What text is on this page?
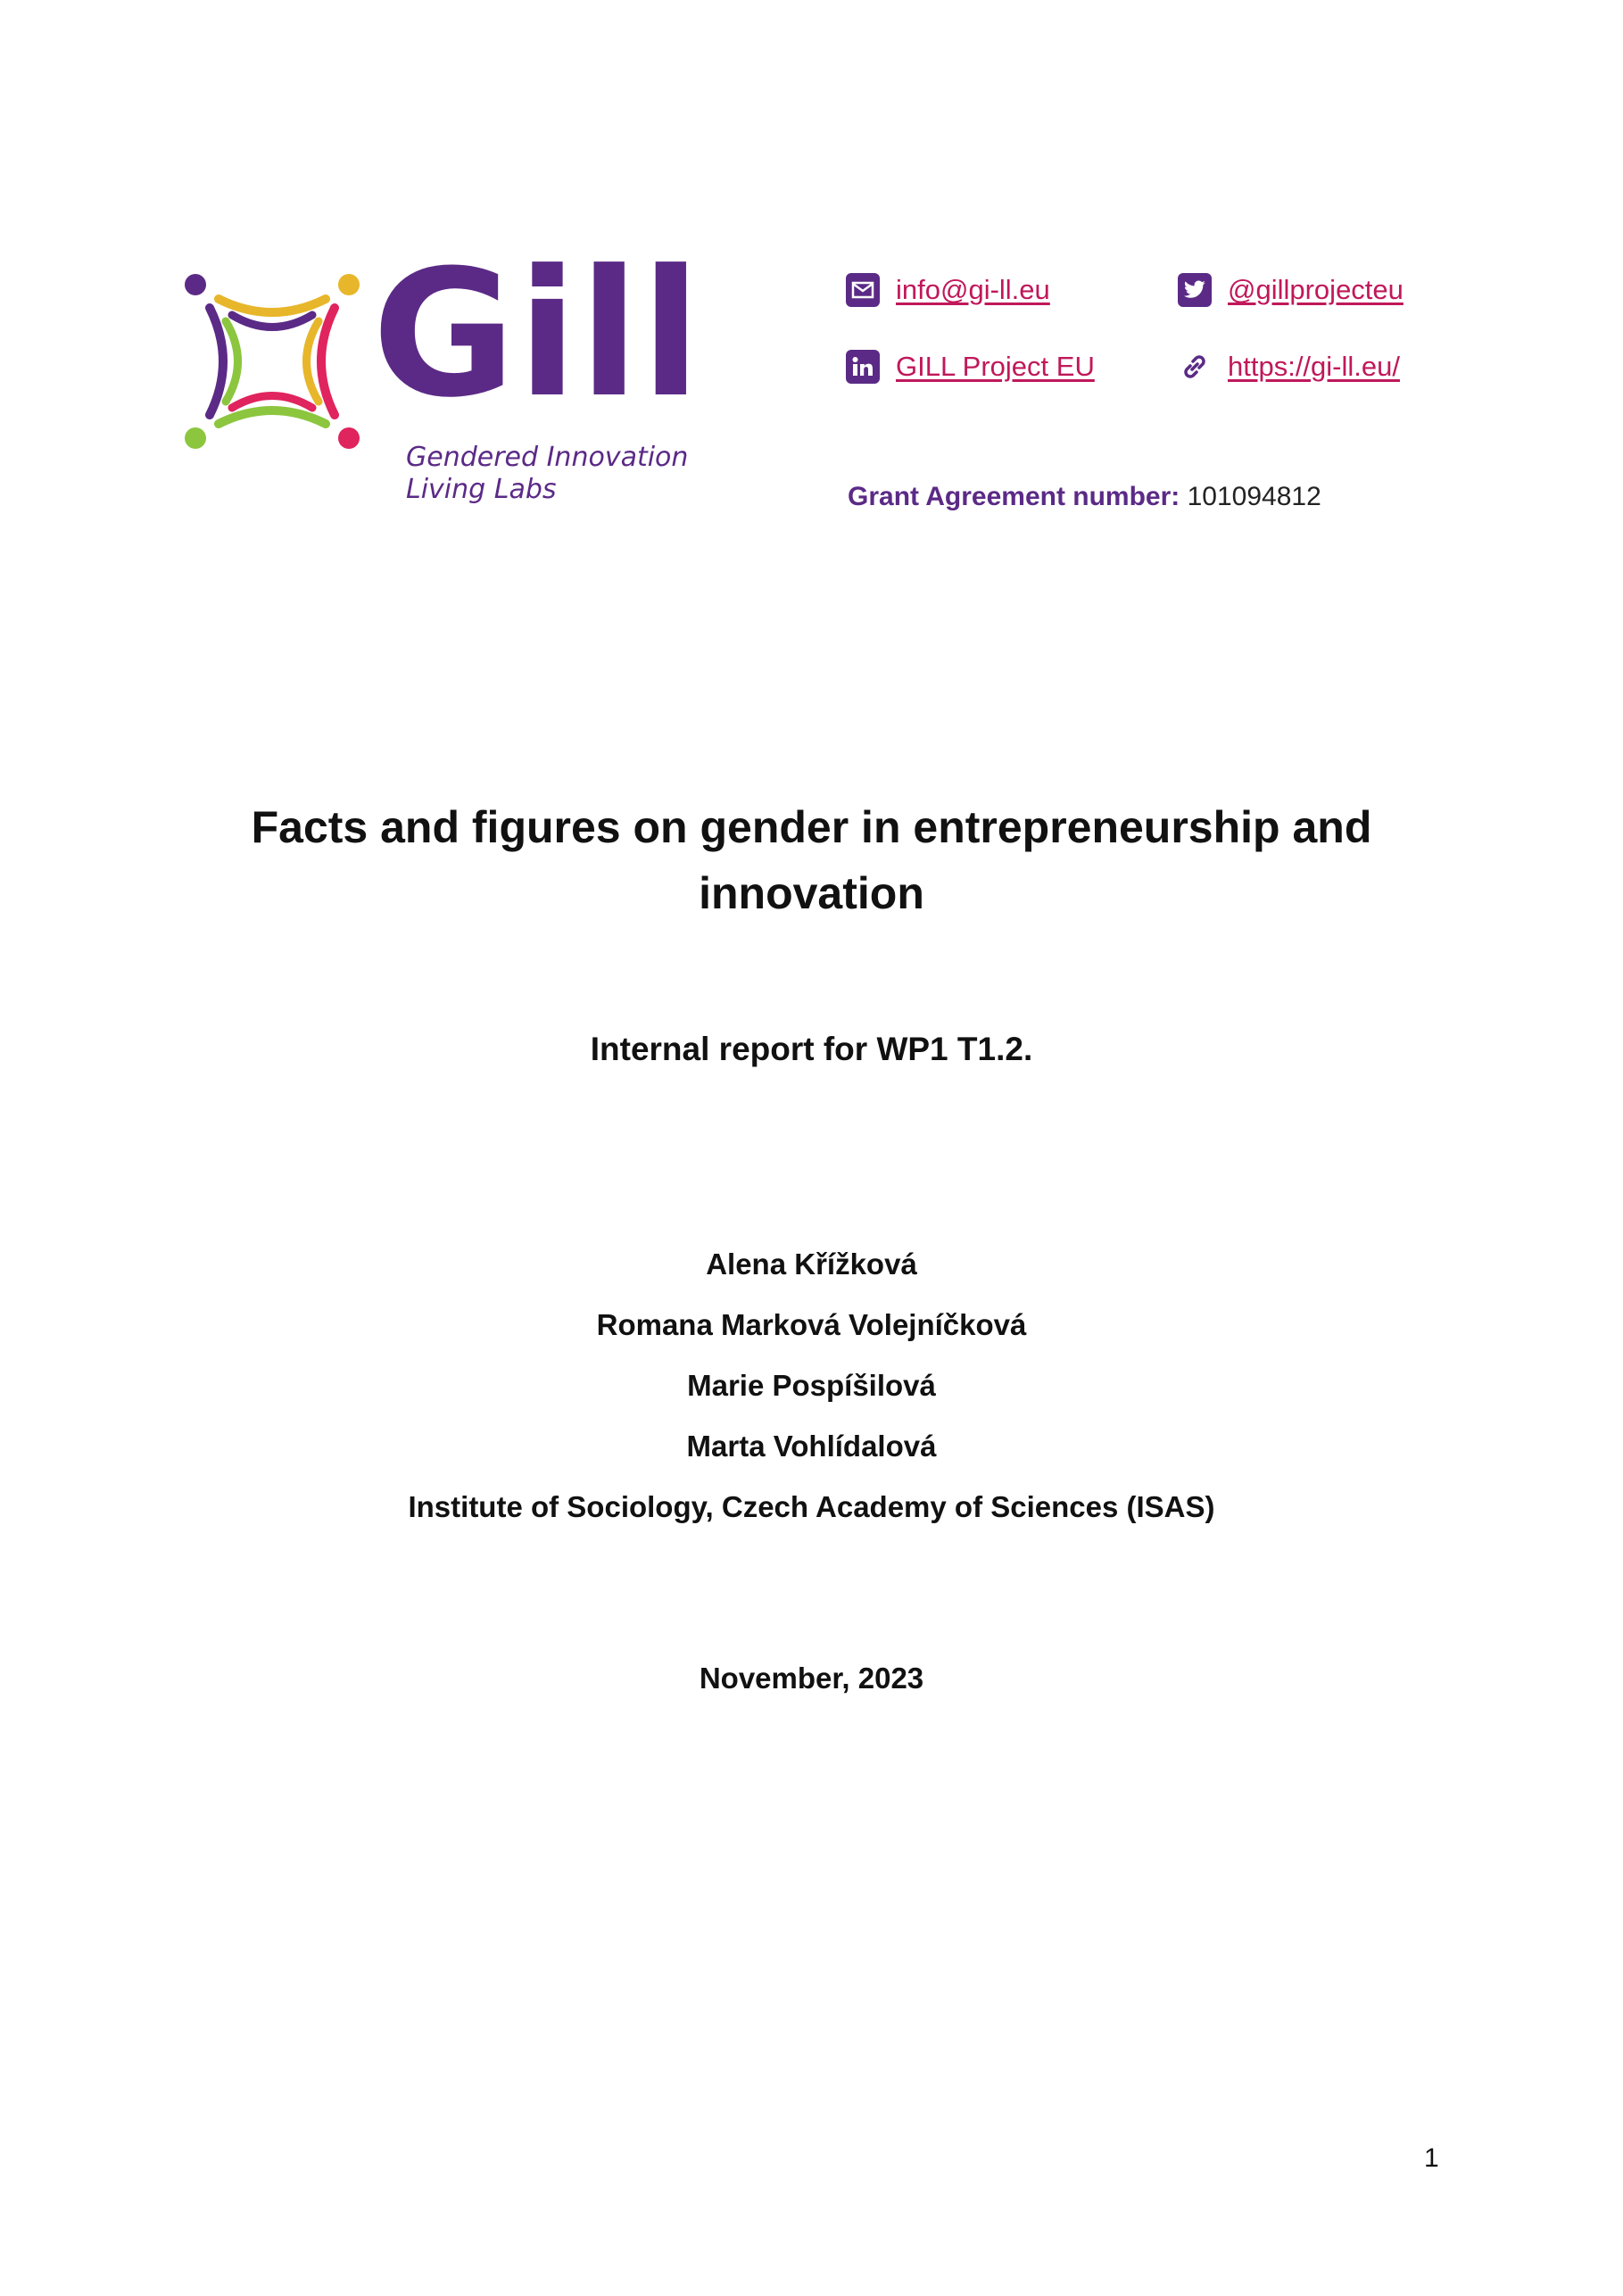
Gill
Gendered Innovation
Living Labs
info@gi-ll.eu	@gillprojecteu
GILL Project EU	https://gi-ll.eu/
Grant Agreement number: 101094812
Facts and figures on gender in entrepreneurship and
innovation
Internal report for WP1 T1.2.
Alena Křížková
Romana Marková Volejníčková
Marie Pospíšilová
Marta Vohlídalová
Institute of Sociology, Czech Academy of Sciences (ISAS)
November, 2023
1
